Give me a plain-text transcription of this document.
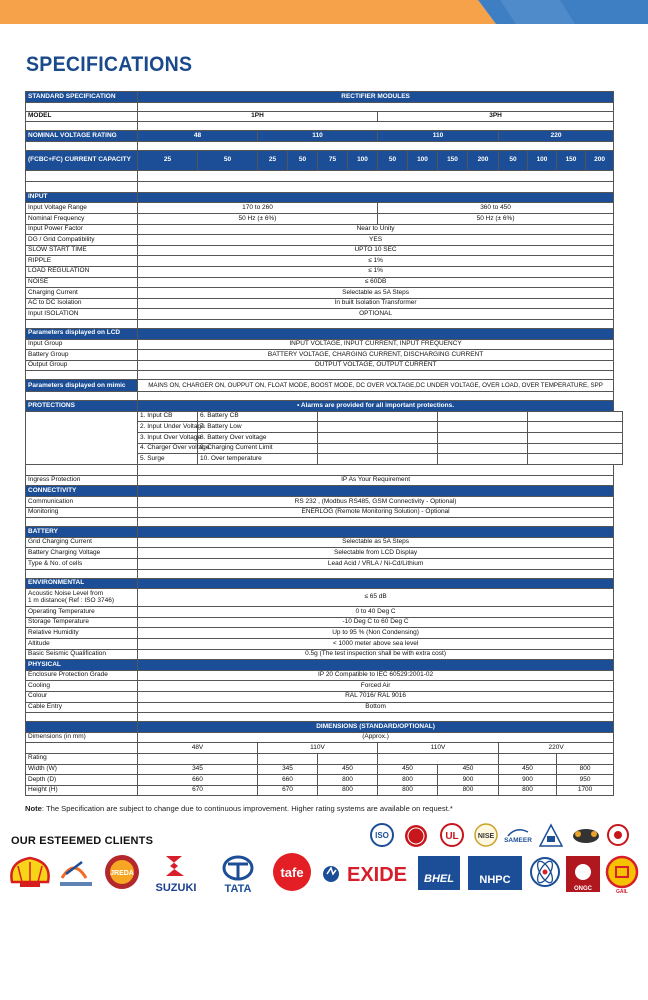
SPECIFICATIONS
STANDARD SPECIFICATION	RECTIFIER MODULES													

MODEL	1PH						3PH							

NOMINAL VOLTAGE RATING	48		110				110				220			

(FCBC+FC) CURRENT CAPACITY	25	50	25	50	75	100	50	100	150	200	50	100	150	200

INPUT														
Input Voltage Range	170 to 260						360 to 450							
Nominal Frequency	50 Hz (± 6%)						50 Hz (± 6%)							
Input Power Factor	Near to Unity													
DG / Grid Compatibility	YES													
SLOW START TIME	UPTO 10 SEC													
RIPPLE	≤ 1%													
LOAD REGULATION	≤ 1%													
NOISE	≤ 60DB													
Charging Current	Selectable as 5A Steps													
AC to DC Isolation	In built Isolation Transformer													
Input ISOLATION	OPTIONAL													

Parameters displayed on LCD														
Input Group	INPUT VOLTAGE, INPUT CURRENT, INPUT FREQUENCY													
Battery Group	BATTERY VOLTAGE, CHARGING CURRENT, DISCHARGING CURRENT													
Output Group	OUTPUT VOLTAGE, OUTPUT CURRENT													

Parameters displayed on mimic	MAINS ON, CHARGER ON, OUPPUT ON, FLOAT MODE, BOOST MODE, DC OVER VOLTAGE,DC UNDER VOLTAGE, OVER LOAD, OVER TEMPERATURE, SPP													

PROTECTIONS	• Alarms are provided for all important protections.													
	1. Input CB	6. Battery CB												
	2. Input Under Voltage	7. Battery Low												
	3. Input Over Voltage	8. Battery Over voltage												
	4. Charger Over voltage	9. Charging Current Limit												
	5. Surge	10. Over temperature												

Ingress Protection	IP As Your Requirement													
CONNECTIVITY														
Communication	RS 232 , (Modbus RS485, GSM Connectivity - Optional)													
Monitoring	ENERLOG (Remote Monitoring Solution) - Optional													

BATTERY														
Grid Charging Current	Selectable as 5A Steps													
Battery Charging Voltage	Selectable from LCD Display													
Type & No. of cells	Lead Acid / VRLA / Ni-Cd/Lithium													

ENVIRONMENTAL														
Acoustic Noise Level from
1 m distance( Ref : ISO 3746)	≤ 65 dB													
Operating Temperature	0 to 40 Deg C													
Storage Temperature	-10 Deg C to 60 Deg C													
Relative Humidity	Up to 95 % (Non Condensing)													
Altitude	< 1000 meter above sea level													
Basic Seismic Qualification	0.5g (The test inspection shall be with extra cost)													
PHYSICAL														
Enclosure Protection Grade	IP 20 Compatible to IEC 60529:2001-02													
Cooling	Forced Air													
Colour	RAL 7016/ RAL 9016													
Cable Entry	Bottom													

	DIMENSIONS (STANDARD/OPTIONAL)													
Dimensions (in mm)	(Approx.)													
	48V		110V				110V				220V			
Rating														
Width (W)	345		345		450		450		450		450		800	
Depth (D)	660		660		800		800		900		900		950	
Height (H)	670		670		800		800		800		800		1700	
Note: The Specification are subject to change due to continuous improvement. Higher rating systems are available on request.*
OUR ESTEEMED CLIENTS	ISO	UL	NISE
SAMEER
JREDA
SUZUKI	TATA
tafe EXIDE BHEL NHPC
ONGC	GAIL
